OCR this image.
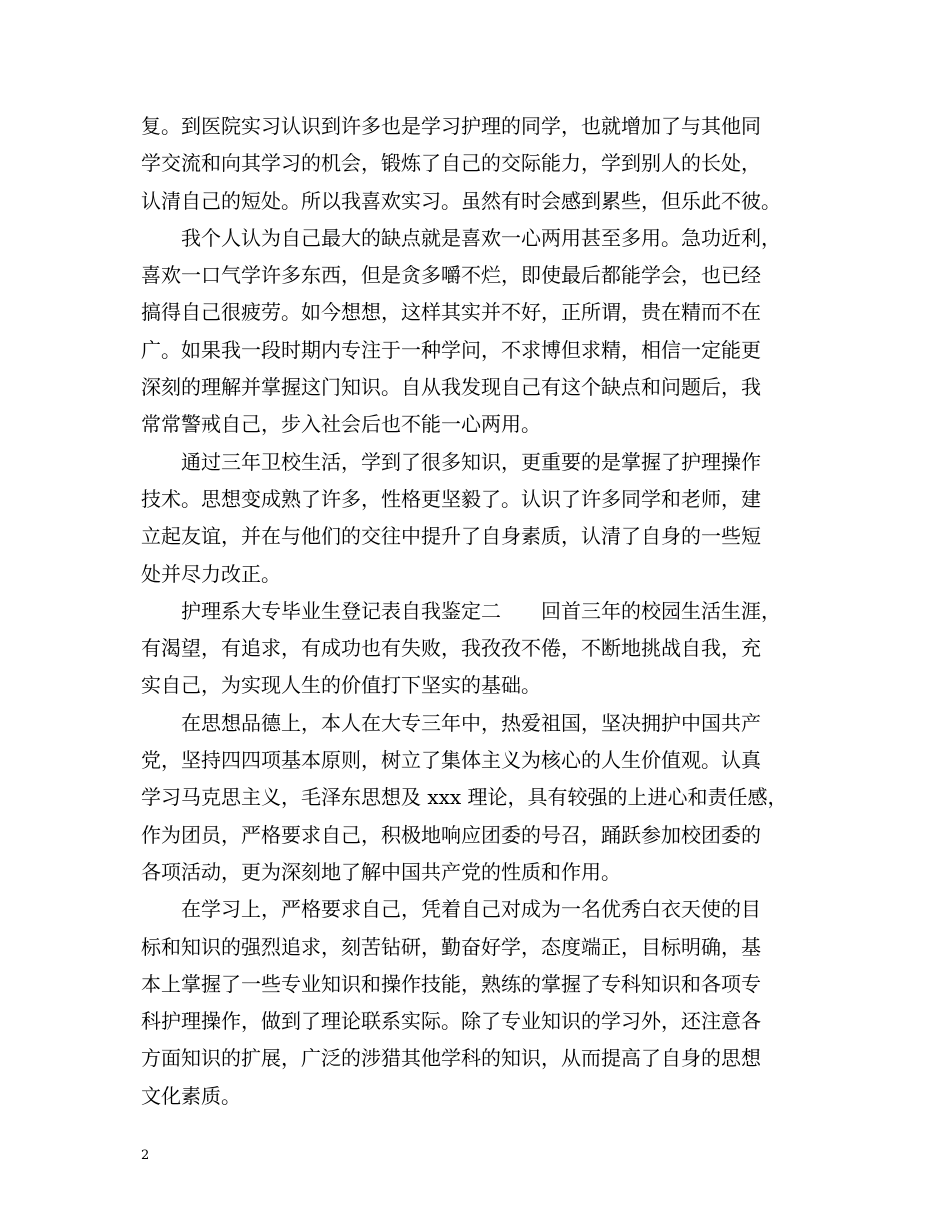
复。到医院实习认识到许多也是学习护理的同学，也就增加了与其他同
学交流和向其学习的机会，锻炼了自己的交际能力，学到别人的长处，
认清自己的短处。所以我喜欢实习。虽然有时会感到累些，但乐此不彼。
我个人认为自己最大的缺点就是喜欢一心两用甚至多用。急功近利，
喜欢一口气学许多东西，但是贪多嚼不烂，即使最后都能学会，也已经
搞得自己很疲劳。如今想想，这样其实并不好，正所谓，贵在精而不在
广。如果我一段时期内专注于一种学问，不求博但求精，相信一定能更
深刻的理解并掌握这门知识。自从我发现自己有这个缺点和问题后，我
常常警戒自己，步入社会后也不能一心两用。
通过三年卫校生活，学到了很多知识，更重要的是掌握了护理操作
技术。思想变成熟了许多，性格更坚毅了。认识了许多同学和老师，建
立起友谊，并在与他们的交往中提升了自身素质，认清了自身的一些短
处并尽力改正。
护理系大专毕业生登记表自我鉴定二　　回首三年的校园生活生涯，
有渴望，有追求，有成功也有失败，我孜孜不倦，不断地挑战自我，充
实自己，为实现人生的价值打下坚实的基础。
在思想品德上，本人在大专三年中，热爱祖国，坚决拥护中国共产
党，坚持四四项基本原则，树立了集体主义为核心的人生价值观。认真
学习马克思主义，毛泽东思想及 xxx 理论，具有较强的上进心和责任感，
作为团员，严格要求自己，积极地响应团委的号召，踊跃参加校团委的
各项活动，更为深刻地了解中国共产党的性质和作用。
在学习上，严格要求自己，凭着自己对成为一名优秀白衣天使的目
标和知识的强烈追求，刻苦钻研，勤奋好学，态度端正，目标明确，基
本上掌握了一些专业知识和操作技能，熟练的掌握了专科知识和各项专
科护理操作，做到了理论联系实际。除了专业知识的学习外，还注意各
方面知识的扩展，广泛的涉猎其他学科的知识，从而提高了自身的思想
文化素质。
2
